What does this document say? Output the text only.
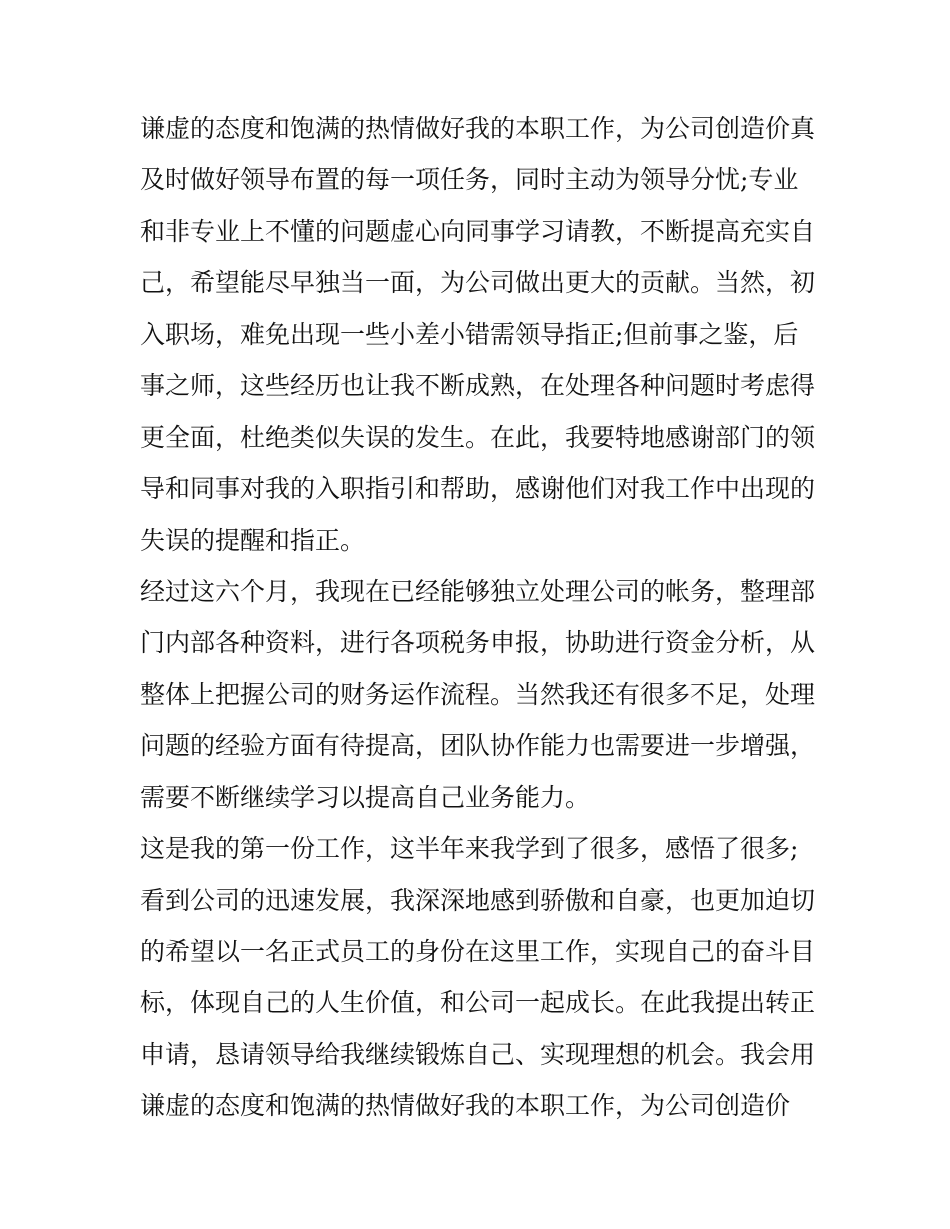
谦虚的态度和饱满的热情做好我的本职工作，为公司创造价真
及时做好领导布置的每一项任务，同时主动为领导分忧;专业
和非专业上不懂的问题虚心向同事学习请教，不断提高充实自
己，希望能尽早独当一面，为公司做出更大的贡献。当然，初
入职场，难免出现一些小差小错需领导指正;但前事之鉴，后
事之师，这些经历也让我不断成熟，在处理各种问题时考虑得
更全面，杜绝类似失误的发生。在此，我要特地感谢部门的领
导和同事对我的入职指引和帮助，感谢他们对我工作中出现的
失误的提醒和指正。
经过这六个月，我现在已经能够独立处理公司的帐务，整理部
门内部各种资料，进行各项税务申报，协助进行资金分析，从
整体上把握公司的财务运作流程。当然我还有很多不足，处理
问题的经验方面有待提高，团队协作能力也需要进一步增强，
需要不断继续学习以提高自己业务能力。
这是我的第一份工作，这半年来我学到了很多，感悟了很多;
看到公司的迅速发展，我深深地感到骄傲和自豪，也更加迫切
的希望以一名正式员工的身份在这里工作，实现自己的奋斗目
标，体现自己的人生价值，和公司一起成长。在此我提出转正
申请，恳请领导给我继续锻炼自己、实现理想的机会。我会用
谦虚的态度和饱满的热情做好我的本职工作，为公司创造价
